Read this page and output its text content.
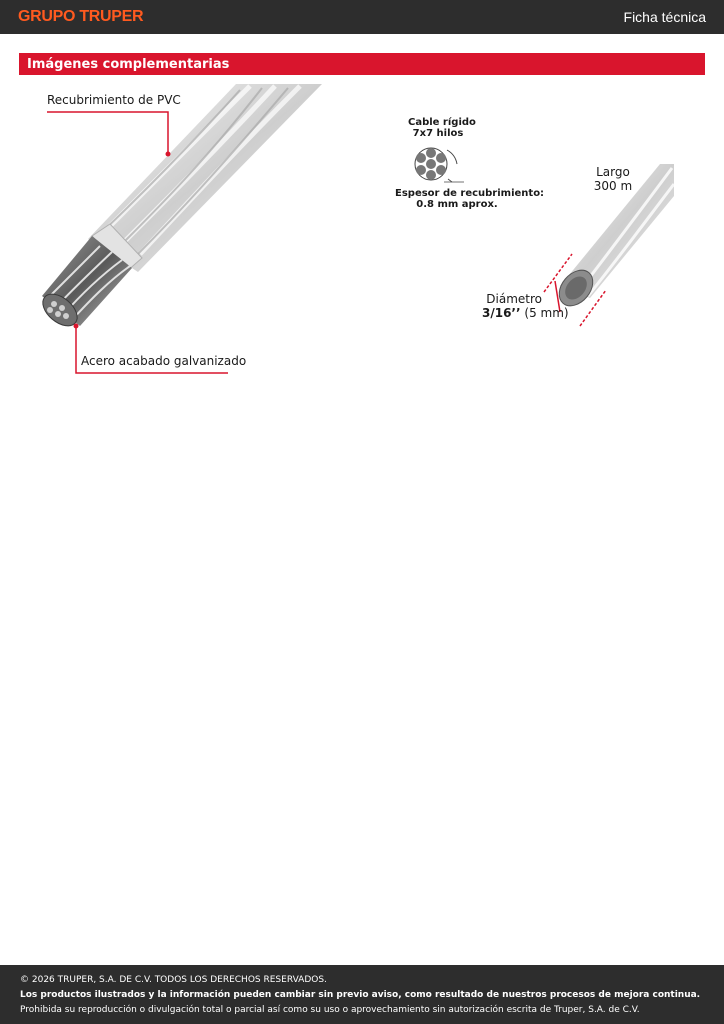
GRUPO TRUPER	Ficha técnica
Imágenes complementarias
Recubrimiento de PVC
Acero acabado galvanizado
Cable rígido
7x7 hilos
Espesor de recubrimiento:
0.8 mm aprox.
Largo
300 m
Diámetro
3/16’’ (5 mm)
© 2026 TRUPER, S.A. DE C.V. TODOS LOS DERECHOS RESERVADOS.
Los productos ilustrados y la información pueden cambiar sin previo aviso, como resultado de nuestros procesos de mejora continua.
Prohibida su reproducción o divulgación total o parcial así como su uso o aprovechamiento sin autorización escrita de Truper, S.A. de C.V.
